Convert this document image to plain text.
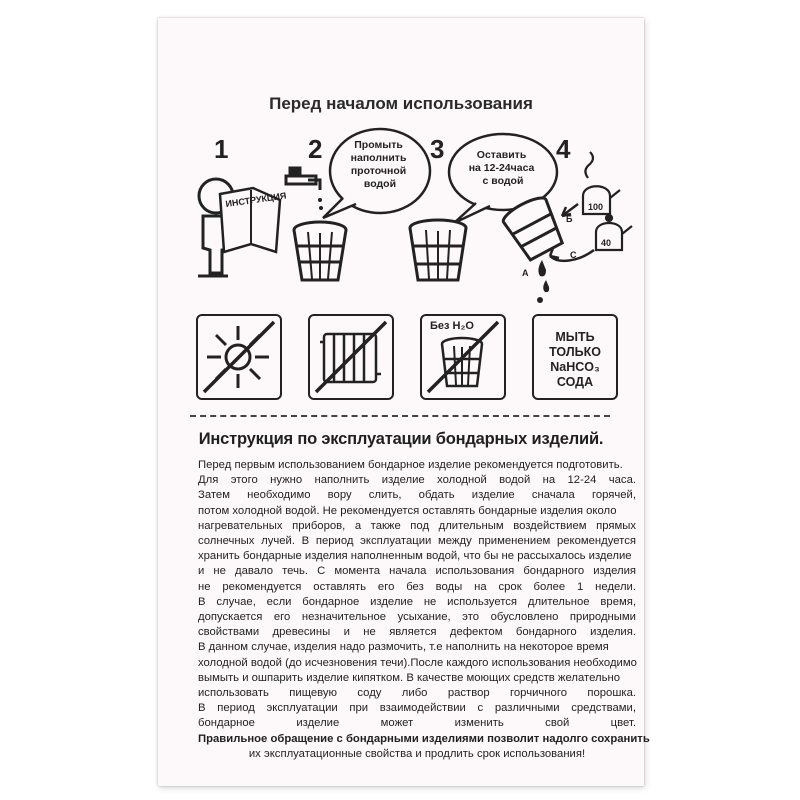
Перед началом использования
1
ИНСТРУКЦИЯ
2	Промыть наполнить проточной водой
3	Оставить на 12-24часа с водой
4
А
100
40
Б
С
Без H₂O
МЫТЬ
ТОЛЬКО
NaHCO₃
СОДА
Инструкция по эксплуатации бондарных изделий.
Перед первым использованием бондарное изделие рекомендуется подготовить.
Для этого нужно наполнить изделие холодной водой на 12-24 часа.
Затем необходимо вору слить, обдать изделие сначала горячей,
потом холодной водой. Не рекомендуется оставлять бондарные изделия около
нагревательных приборов, а также под длительным воздействием прямых
солнечных лучей. В период эксплуатации между применением рекомендуется
хранить бондарные изделия наполненным водой, что бы не рассыхалось изделие
и не давало течь. С момента начала использования бондарного изделия
не рекомендуется оставлять его без воды на срок более 1 недели.
В случае, если бондарное изделие не используется длительное время,
допускается его незначительное усыхание, это обусловлено природными
свойствами древесины и не является дефектом бондарного изделия.
В данном случае, изделия надо размочить, т.е наполнить на некоторое время
холодной водой (до исчезновения течи).После каждого использования необходимо
вымыть и ошпарить изделие кипятком. В качестве моющих средств желательно
использовать пищевую соду либо раствор горчичного порошка.
В период эксплуатации при взаимодействии с различными средствами,
бондарное изделие может изменить свой цвет.
Правильное обращение с бондарными изделиями позволит надолго сохранить
их эксплуатационные свойства и продлить срок использования!
